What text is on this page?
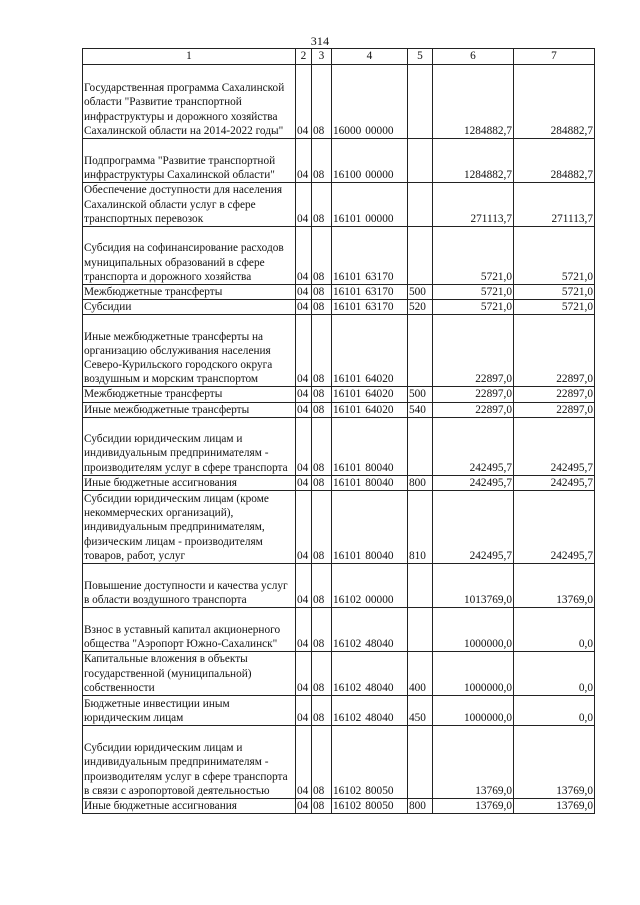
314
1	2	3	4	5	6	7
Государственная программа Сахалинской области "Развитие транспортной инфраструктуры и дорожного хозяйства Сахалинской области на 2014-2022 годы"	04	08	16000 00000		1284882,7	284882,7
Подпрограмма "Развитие транспортной инфраструктуры Сахалинской области"	04	08	16100 00000		1284882,7	284882,7
Обеспечение доступности для населения Сахалинской области услуг в сфере транспортных перевозок	04	08	16101 00000		271113,7	271113,7
Субсидия на софинансирование расходов муниципальных образований в сфере транспорта и дорожного хозяйства	04	08	16101 63170		5721,0	5721,0
Межбюджетные трансферты	04	08	16101 63170	500	5721,0	5721,0
Субсидии	04	08	16101 63170	520	5721,0	5721,0
Иные межбюджетные трансферты на организацию обслуживания населения Северо-Курильского городского округа воздушным и морским транспортом	04	08	16101 64020		22897,0	22897,0
Межбюджетные трансферты	04	08	16101 64020	500	22897,0	22897,0
Иные межбюджетные трансферты	04	08	16101 64020	540	22897,0	22897,0
Субсидии юридическим лицам и индивидуальным предпринимателям - производителям услуг в сфере транспорта	04	08	16101 80040		242495,7	242495,7
Иные бюджетные ассигнования	04	08	16101 80040	800	242495,7	242495,7
Субсидии юридическим лицам (кроме некоммерческих организаций), индивидуальным предпринимателям, физическим лицам - производителям товаров, работ, услуг	04	08	16101 80040	810	242495,7	242495,7
Повышение доступности и качества услуг в области воздушного транспорта	04	08	16102 00000		1013769,0	13769,0
Взнос в уставный капитал акционерного общества "Аэропорт Южно-Сахалинск"	04	08	16102 48040		1000000,0	0,0
Капитальные вложения в объекты государственной (муниципальной) собственности	04	08	16102 48040	400	1000000,0	0,0
Бюджетные инвестиции иным юридическим лицам	04	08	16102 48040	450	1000000,0	0,0
Субсидии юридическим лицам и индивидуальным предпринимателям - производителям услуг в сфере транспорта в связи с аэропортовой деятельностью	04	08	16102 80050		13769,0	13769,0
Иные бюджетные ассигнования	04	08	16102 80050	800	13769,0	13769,0
